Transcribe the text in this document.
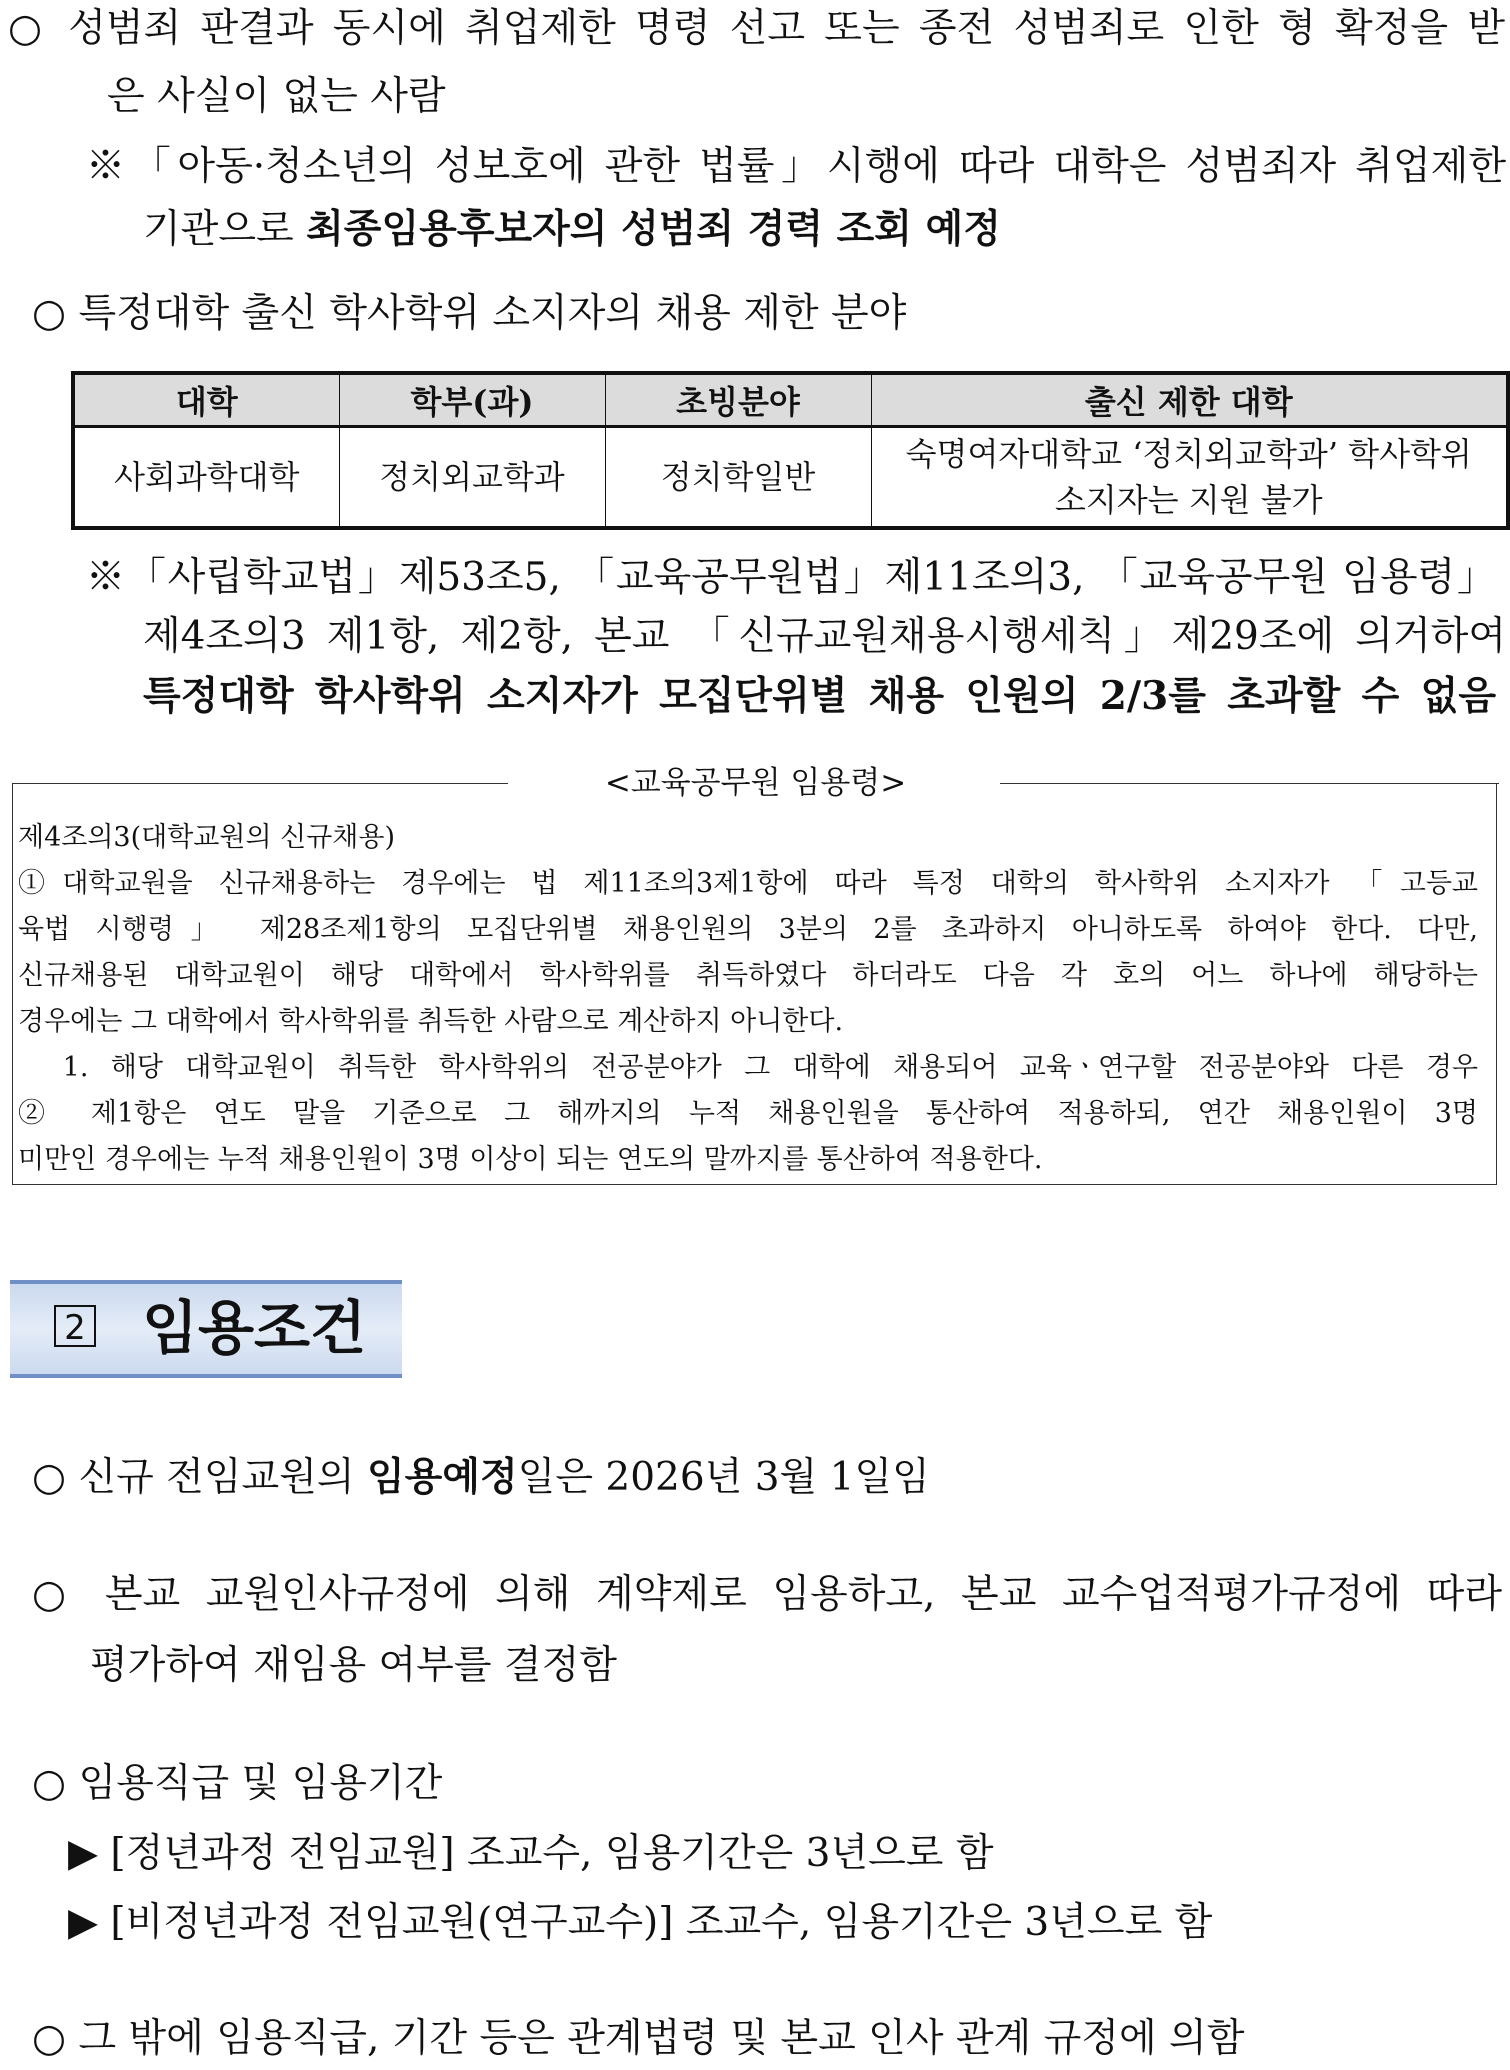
○ 성범죄 판결과 동시에 취업제한 명령 선고 또는 종전 성범죄로 인한 형 확정을 받
은 사실이 없는 사람
※「아동·청소년의 성보호에 관한 법률」시행에 따라 대학은 성범죄자 취업제한
기관으로 최종임용후보자의 성범죄 경력 조회 예정
○ 특정대학 출신 학사학위 소지자의 채용 제한 분야
대학	학부(과)	초빙분야	출신 제한 대학
사회과학대학	정치외교학과	정치학일반	숙명여자대학교 ‘정치외교학과’ 학사학위
소지자는 지원 불가
※「사립학교법」제53조5, 「교육공무원법」제11조의3, 「교육공무원 임용령」
제4조의3 제1항, 제2항, 본교 「신규교원채용시행세칙」제29조에 의거하여
특정대학 학사학위 소지자가 모집단위별 채용 인원의 2/3를 초과할 수 없음
<교육공무원 임용령>
제4조의3(대학교원의 신규채용)
①대학교원을 신규채용하는 경우에는 법 제11조의3제1항에 따라 특정 대학의 학사학위 소지자가 「고등교
육법 시행령」 제28조제1항의 모집단위별 채용인원의 3분의 2를 초과하지 아니하도록 하여야 한다. 다만,
신규채용된 대학교원이 해당 대학에서 학사학위를 취득하였다 하더라도 다음 각 호의 어느 하나에 해당하는
경우에는 그 대학에서 학사학위를 취득한 사람으로 계산하지 아니한다.
1. 해당 대학교원이 취득한 학사학위의 전공분야가 그 대학에 채용되어 교육ㆍ연구할 전공분야와 다른 경우
② 제1항은 연도 말을 기준으로 그 해까지의 누적 채용인원을 통산하여 적용하되, 연간 채용인원이 3명
미만인 경우에는 누적 채용인원이 3명 이상이 되는 연도의 말까지를 통산하여 적용한다.
2 임용조건
○ 신규 전임교원의 임용예정일은 2026년 3월 1일임
○ 본교 교원인사규정에 의해 계약제로 임용하고, 본교 교수업적평가규정에 따라
평가하여 재임용 여부를 결정함
○ 임용직급 및 임용기간
▶ [정년과정 전임교원] 조교수, 임용기간은 3년으로 함
▶ [비정년과정 전임교원(연구교수)] 조교수, 임용기간은 3년으로 함
○ 그 밖에 임용직급, 기간 등은 관계법령 및 본교 인사 관계 규정에 의함
